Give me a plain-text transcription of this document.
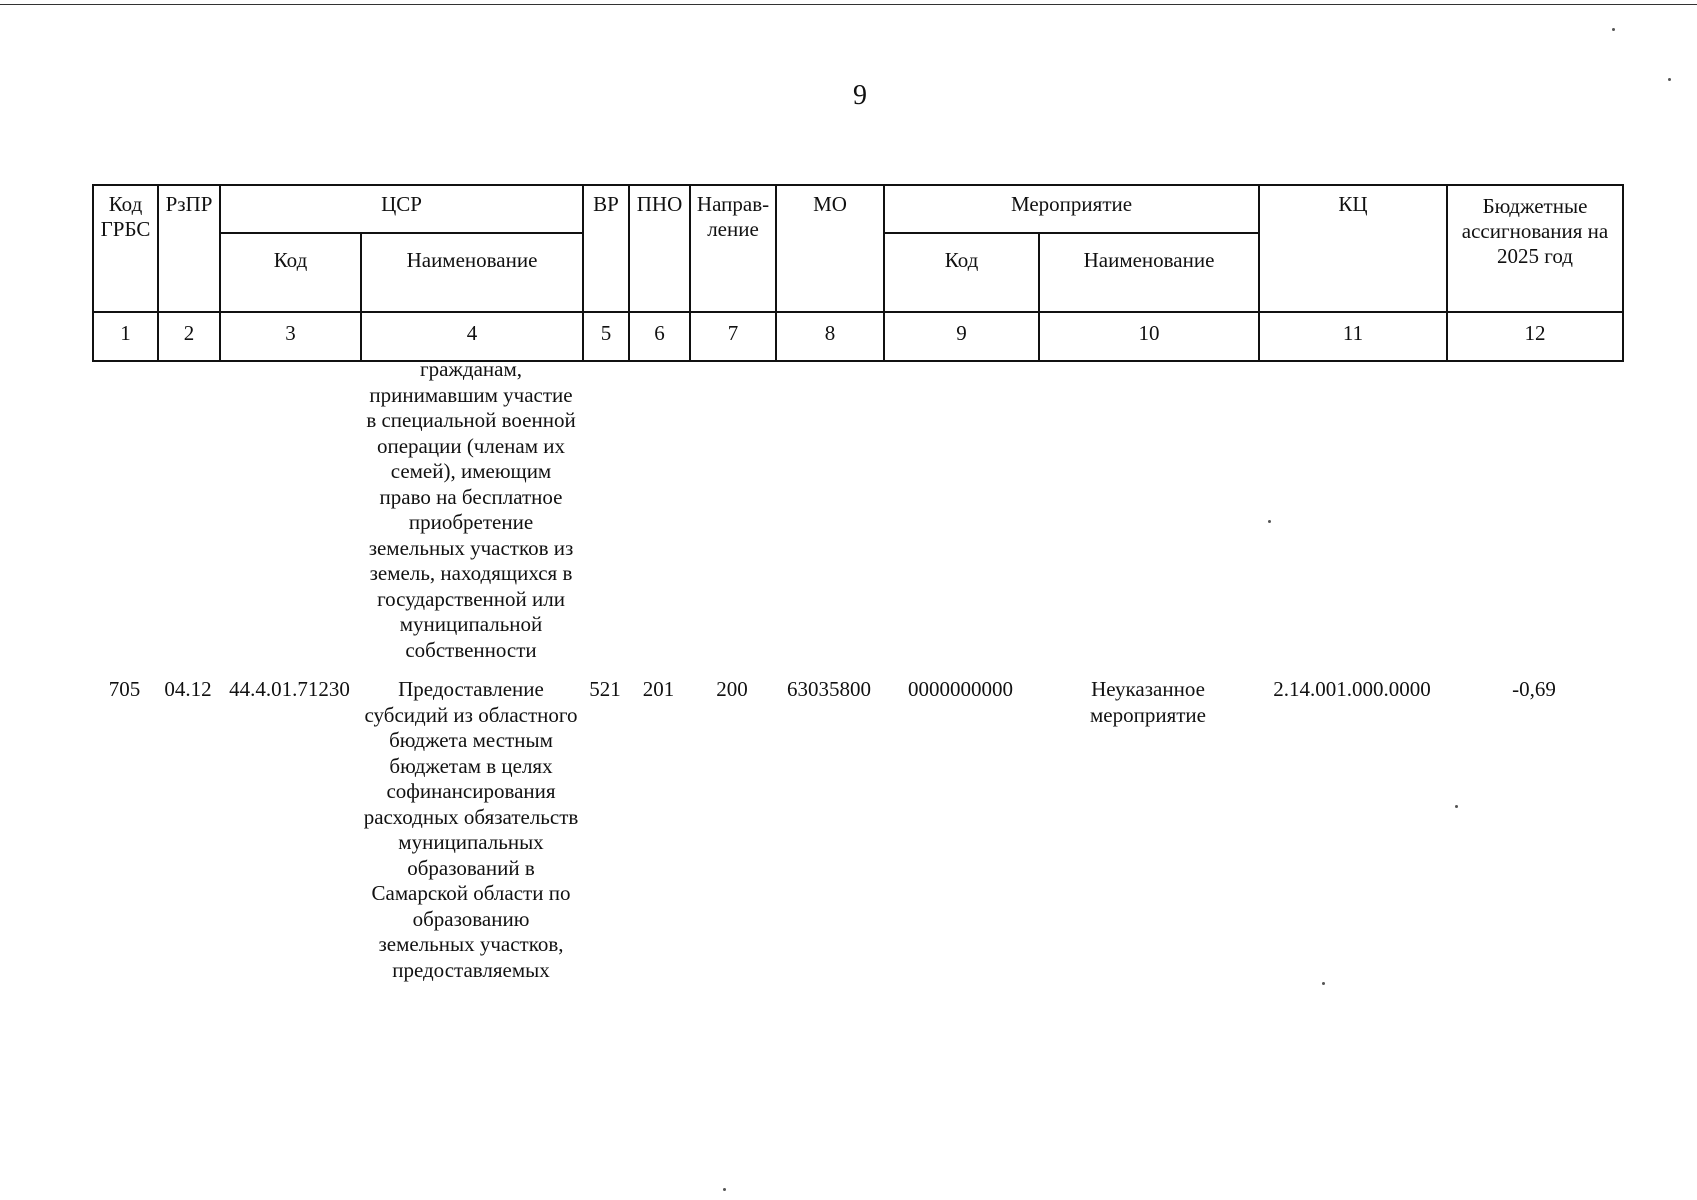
9
Код ГРБС	РзПР	ЦСР		ВР	ПНО	Направ-ление	МО	Мероприятие		КЦ	Бюджетные ассигнования на 2025 год
		Код	Наименование					Код	Наименование		
1	2	3	4	5	6	7	8	9	10	11	12
			гражданам, принимавшим участие в специальной военной операции (членам их семей), имеющим право на бесплатное приобретение земельных участков из земель, находящихся в государственной или муниципальной собственности								
705	04.12	44.4.01.71230	Предоставление субсидий из областного бюджета местным бюджетам в целях софинансирования расходных обязательств муниципальных образований в Самарской области по образованию земельных участков, предоставляемых	521	201	200	63035800	0000000000	Неуказанное мероприятие	2.14.001.000.0000	-0,69
